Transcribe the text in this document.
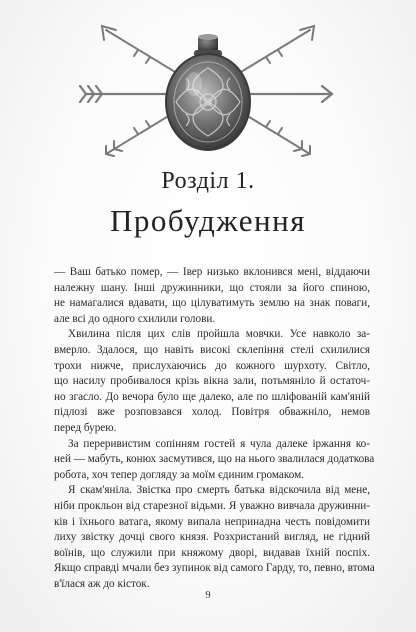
Розділ 1.
Пробудження
— Ваш батько помер, — Івер низько вклонився мені, віддаючи
належну шану. Інші дружинники, що стояли за його спиною,
не намагалися вдавати, що цілуватимуть землю на знак поваги,
але всі до одного схилили голови.
Хвилина після цих слів пройшла мовчки. Усе навколо за-
вмерло. Здалося, що навіть високі склепіння стелі схилилися
трохи нижче, прислухаючись до кожного шурхоту. Світло,
що насилу пробивалося крізь вікна зали, потьмяніло й остаточ-
но згасло. До вечора було ще далеко, але по шліфованій кам'яній
підлозі вже розповзався холод. Повітря обважніло, немов
перед бурею.
За переривистим сопінням гостей я чула далеке іржання ко-
ней — мабуть, конюх засмутився, що на нього звалилася додаткова
робота, хоч тепер догляду за моїм єдиним громаком.
Я скам'яніла. Звістка про смерть батька відскочила від мене,
ніби прокльон від старезної відьми. Я уважно вивчала дружинни-
ків і їхнього ватага, якому випала непринадна честь повідомити
лиху звістку дочці свого князя. Розхристаний вигляд, не гідний
воїнів, що служили при княжому дворі, видавав їхній поспіх.
Якщо справді мчали без зупинок від самого Гарду, то, певно, втома
в'їлася аж до кісток.
9
